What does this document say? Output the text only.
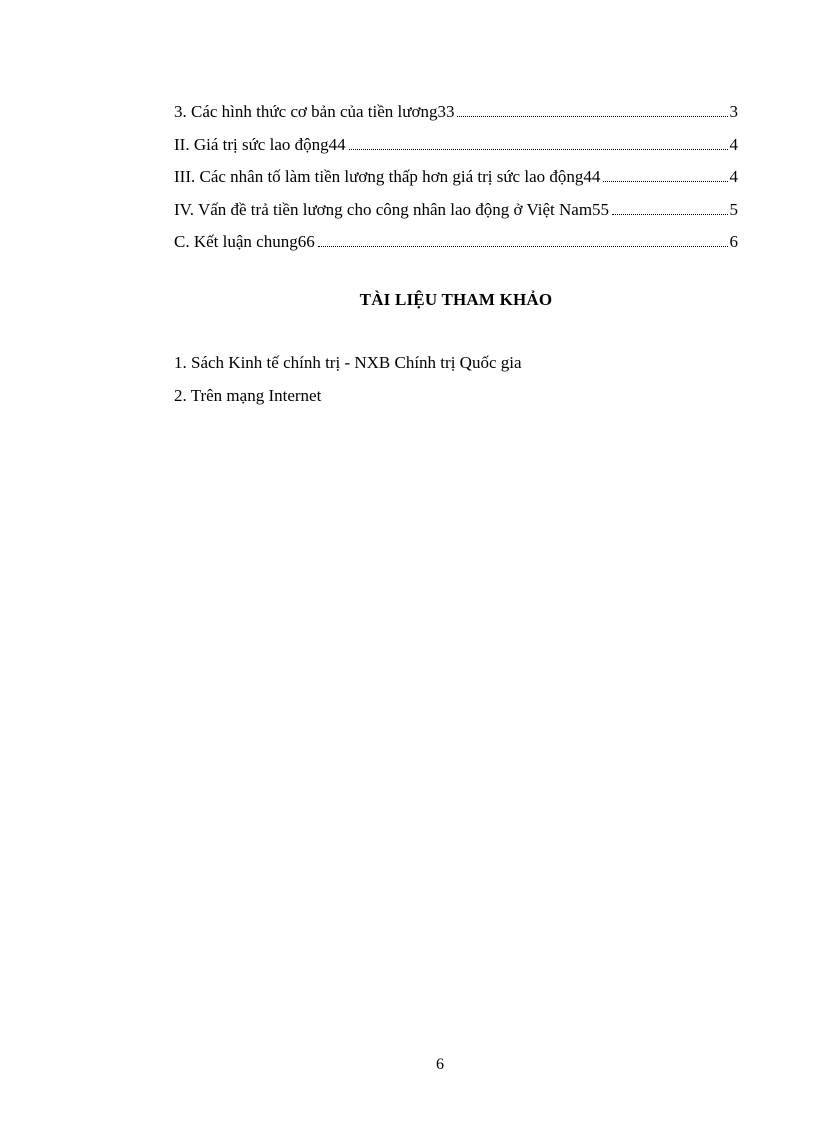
3. Các hình thức cơ bản của tiền lương33	3
II. Giá trị sức lao động44	4
III. Các nhân tố làm tiền lương thấp hơn giá trị sức lao động44	4
IV. Vấn đề trả tiền lương cho công nhân lao động ở Việt Nam55	5
C. Kết luận chung66	6
TÀI LIỆU THAM KHẢO
1. Sách Kinh tế chính trị - NXB Chính trị Quốc gia
2. Trên mạng Internet
6
